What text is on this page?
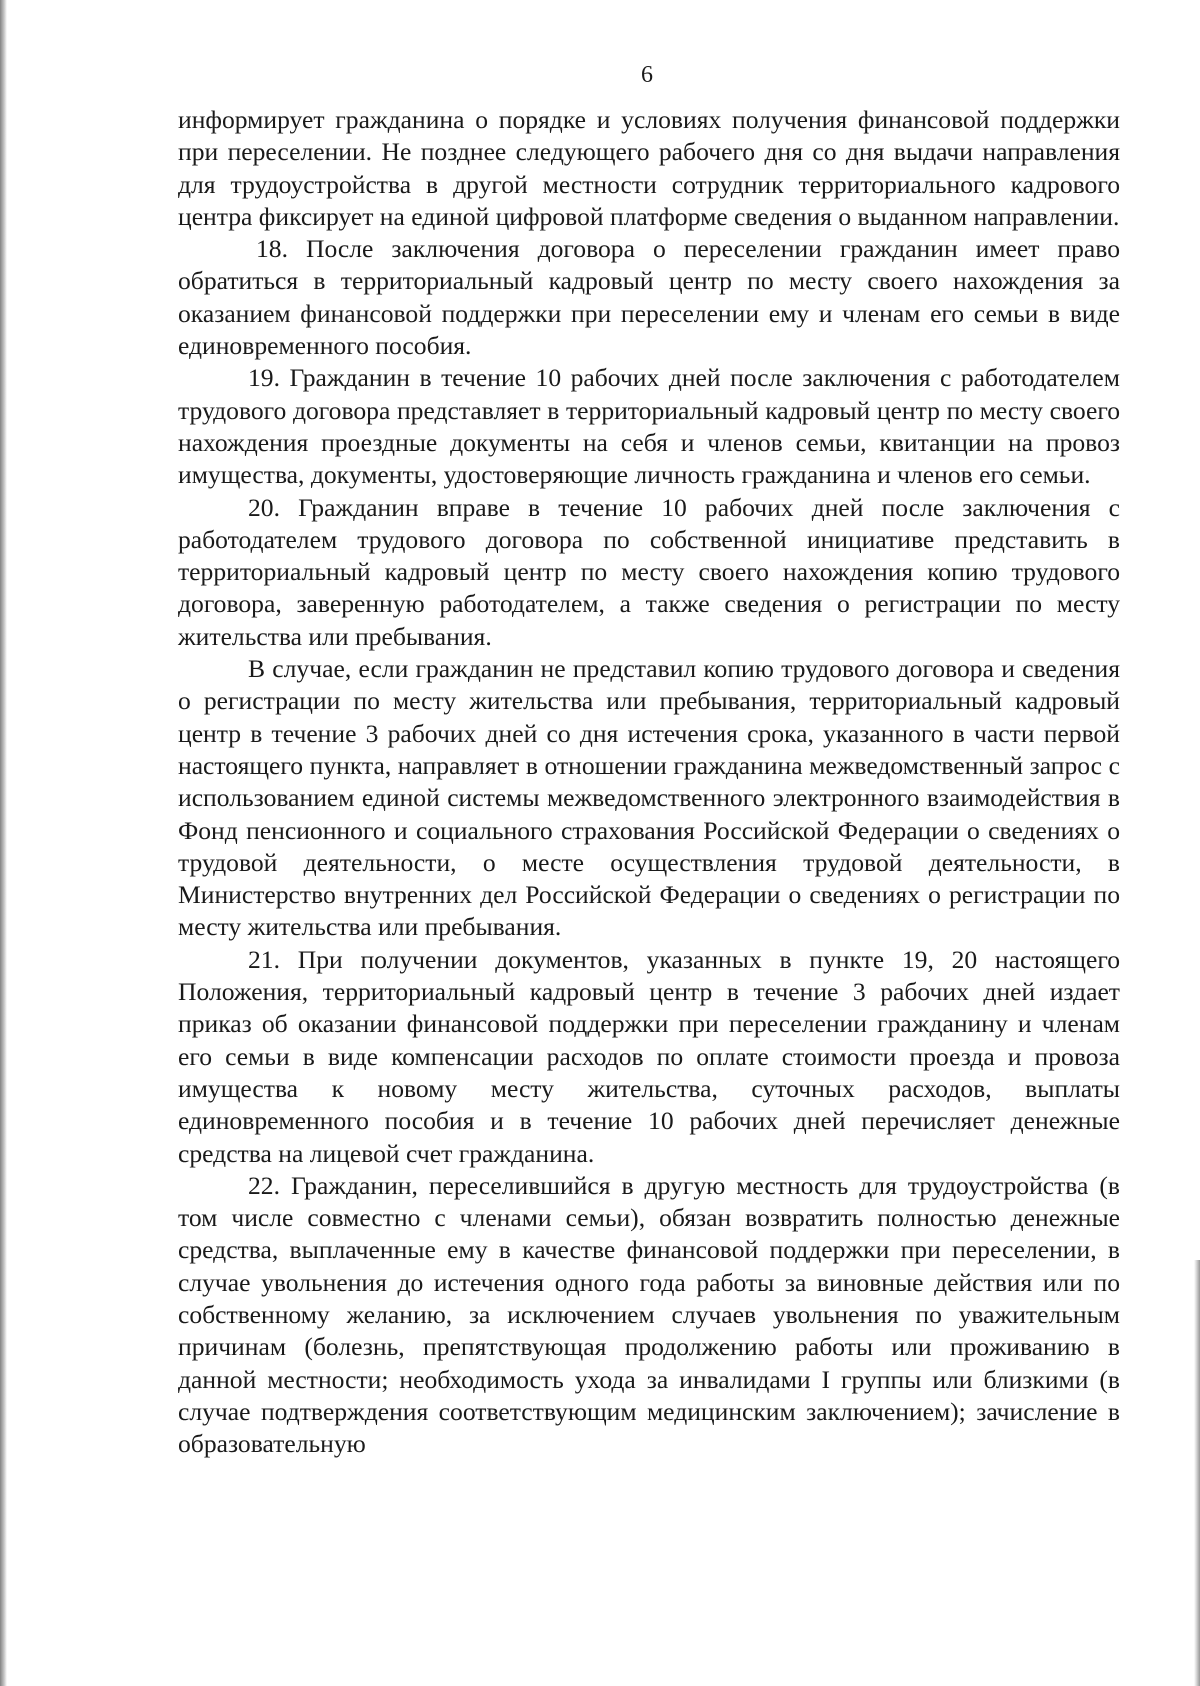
6

информирует гражданина о порядке и условиях получения финансовой поддержки при переселении. Не позднее следующего рабочего дня со дня выдачи направления для трудоустройства в другой местности сотрудник территориального кадрового центра фиксирует на единой цифровой платформе сведения о выданном направлении.

18. После заключения договора о переселении гражданин имеет право обратиться в территориальный кадровый центр по месту своего нахождения за оказанием финансовой поддержки при переселении ему и членам его семьи в виде единовременного пособия.

19. Гражданин в течение 10 рабочих дней после заключения с работодателем трудового договора представляет в территориальный кадровый центр по месту своего нахождения проездные документы на себя и членов семьи, квитанции на провоз имущества, документы, удостоверяющие личность гражданина и членов его семьи.

20. Гражданин вправе в течение 10 рабочих дней после заключения с работодателем трудового договора по собственной инициативе представить в территориальный кадровый центр по месту своего нахождения копию трудового договора, заверенную работодателем, а также сведения о регистрации по месту жительства или пребывания.

В случае, если гражданин не представил копию трудового договора и сведения о регистрации по месту жительства или пребывания, территориальный кадровый центр в течение 3 рабочих дней со дня истечения срока, указанного в части первой настоящего пункта, направляет в отношении гражданина межведомственный запрос с использованием единой системы межведомственного электронного взаимодействия в Фонд пенсионного и социального страхования Российской Федерации о сведениях о трудовой деятельности, о месте осуществления трудовой деятельности, в Министерство внутренних дел Российской Федерации о сведениях о регистрации по месту жительства или пребывания.

21. При получении документов, указанных в пункте 19, 20 настоящего Положения, территориальный кадровый центр в течение 3 рабочих дней издает приказ об оказании финансовой поддержки при переселении гражданину и членам его семьи в виде компенсации расходов по оплате стоимости проезда и провоза имущества к новому месту жительства, суточных расходов, выплаты единовременного пособия и в течение 10 рабочих дней перечисляет денежные средства на лицевой счет гражданина.

22. Гражданин, переселившийся в другую местность для трудоустройства (в том числе совместно с членами семьи), обязан возвратить полностью денежные средства, выплаченные ему в качестве финансовой поддержки при переселении, в случае увольнения до истечения одного года работы за виновные действия или по собственному желанию, за исключением случаев увольнения по уважительным причинам (болезнь, препятствующая продолжению работы или проживанию в данной местности; необходимость ухода за инвалидами I группы или близкими (в случае подтверждения соответствующим медицинским заключением); зачисление в образовательную
